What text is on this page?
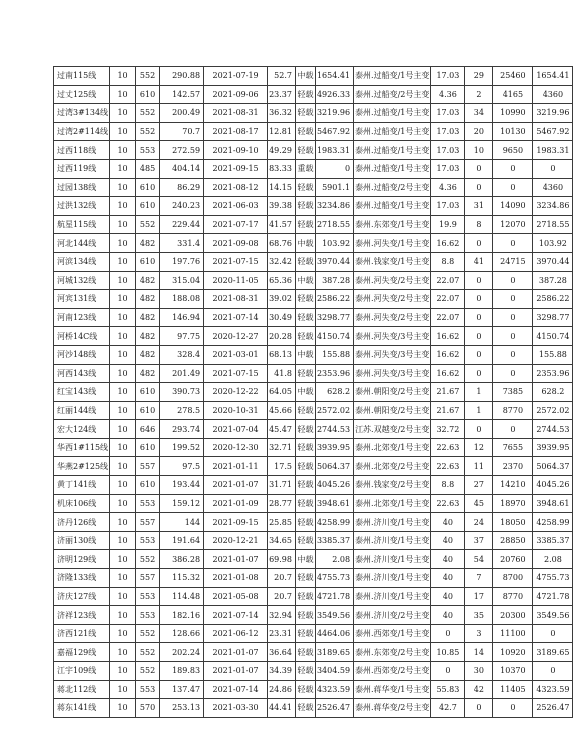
过南115线	10	552	290.88	2021-07-19	52.7	中载	1654.41	泰州.过船变/1号主变	17.03	29	25460	1654.41
过丈125线	10	610	142.57	2021-09-06	23.37	轻载	4926.33	泰州.过船变/2号主变	4.36	2	4165	4360
过湾3#134线	10	552	200.49	2021-08-31	36.32	轻载	3219.96	泰州.过船变/1号主变	17.03	34	10990	3219.96
过湾2#114线	10	552	70.7	2021-08-17	12.81	轻载	5467.92	泰州.过船变/1号主变	17.03	20	10130	5467.92
过西118线	10	553	272.59	2021-09-10	49.29	轻载	1983.31	泰州.过船变/1号主变	17.03	10	9650	1983.31
过西119线	10	485	404.14	2021-09-15	83.33	重载	0	泰州.过船变/1号主变	17.03	0	0	0
过园138线	10	610	86.29	2021-08-12	14.15	轻载	5901.1	泰州.过船变/2号主变	4.36	0	0	4360
过洪132线	10	610	240.23	2021-06-03	39.38	轻载	3234.86	泰州.过船变/1号主变	17.03	31	14090	3234.86
航星115线	10	552	229.44	2021-07-17	41.57	轻载	2718.55	泰州.东郊变/1号主变	19.9	8	12070	2718.55
河北144线	10	482	331.4	2021-09-08	68.76	中载	103.92	泰州.河失变/1号主变	16.62	0	0	103.92
河滨134线	10	610	197.76	2021-07-15	32.42	轻载	3970.44	泰州.钱家变/1号主变	8.8	41	24715	3970.44
河城132线	10	482	315.04	2020-11-05	65.36	中载	387.28	泰州.河失变/2号主变	22.07	0	0	387.28
河宾131线	10	482	188.08	2021-08-31	39.02	轻载	2586.22	泰州.河失变/2号主变	22.07	0	0	2586.22
河南123线	10	482	146.94	2021-07-14	30.49	轻载	3298.77	泰州.河失变/2号主变	22.07	0	0	3298.77
河桥14C线	10	482	97.75	2020-12-27	20.28	轻载	4150.74	泰州.河失变/3号主变	16.62	0	0	4150.74
河沙148线	10	482	328.4	2021-03-01	68.13	中载	155.88	泰州.河失变/3号主变	16.62	0	0	155.88
河西143线	10	482	201.49	2021-07-15	41.8	轻载	2353.96	泰州.河失变/3号主变	16.62	0	0	2353.96
红宝143线	10	610	390.73	2020-12-22	64.05	中载	628.2	泰州.朝阳变/2号主变	21.67	1	7385	628.2
红丽144线	10	610	278.5	2020-10-31	45.66	轻载	2572.02	泰州.朝阳变/2号主变	21.67	1	8770	2572.02
宏大124线	10	646	293.74	2021-07-04	45.47	轻载	2744.53	江苏.双越变/2号主变	32.72	0	0	2744.53
华西1#115线	10	610	199.52	2020-12-30	32.71	轻载	3939.95	泰州.北郊变/1号主变	22.63	12	7655	3939.95
华燕2#125线	10	557	97.5	2021-01-11	17.5	轻载	5064.37	泰州.北郊变/2号主变	22.63	11	2370	5064.37
黄丁141线	10	610	193.44	2021-01-07	31.71	轻载	4045.26	泰州.钱家变/2号主变	8.8	27	14210	4045.26
机床106线	10	553	159.12	2021-01-09	28.77	轻载	3948.61	泰州.北郊变/1号主变	22.63	45	18970	3948.61
济丹126线	10	557	144	2021-09-15	25.85	轻载	4258.99	泰州.济川变/1号主变	40	24	18050	4258.99
济丽130线	10	553	191.64	2020-12-21	34.65	轻载	3385.37	泰州.济川变/1号主变	40	37	28850	3385.37
济明129线	10	552	386.28	2021-01-07	69.98	中载	2.08	泰州.济川变/1号主变	40	54	20760	2.08
济隆133线	10	557	115.32	2021-01-08	20.7	轻载	4755.73	泰州.济川变/1号主变	40	7	8700	4755.73
济庆127线	10	553	114.48	2021-05-08	20.7	轻载	4721.78	泰州.济川变/1号主变	40	17	8770	4721.78
济祥123线	10	553	182.16	2021-07-14	32.94	轻载	3549.56	泰州.济川变/2号主变	40	35	20300	3549.56
济西121线	10	552	128.66	2021-06-12	23.31	轻载	4464.06	泰州.西郊变/1号主变	0	3	11100	0
嘉福129线	10	552	202.24	2021-01-07	36.64	轻载	3189.65	泰州.东郊变/2号主变	10.85	14	10920	3189.65
江宇109线	10	552	189.83	2021-01-07	34.39	轻载	3404.59	泰州.西郊变/2号主变	0	30	10370	0
蒋北112线	10	553	137.47	2021-07-14	24.86	轻载	4323.59	泰州.蒋华变/1号主变	55.83	42	11405	4323.59
蒋东141线	10	570	253.13	2021-03-30	44.41	轻载	2526.47	泰州.蒋华变/2号主变	42.7	0	0	2526.47
